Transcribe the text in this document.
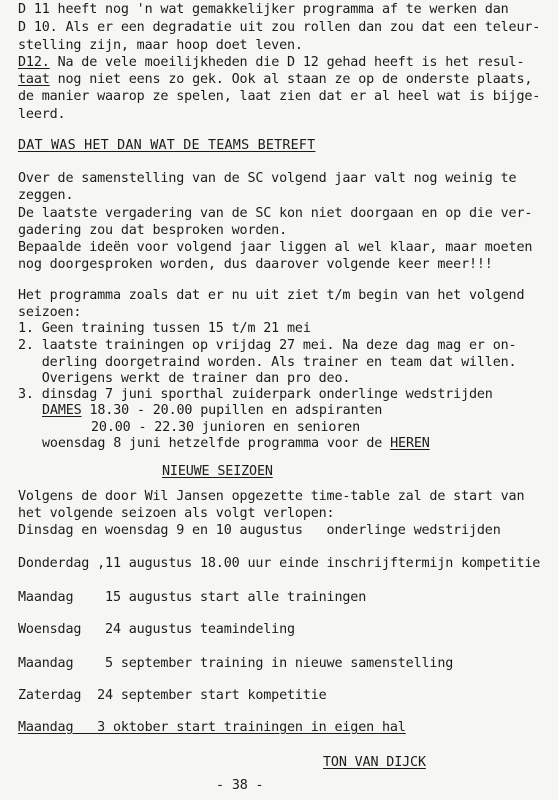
D 11 heeft nog 'n wat gemakkelijker programma af te werken dan
D 10. Als er een degradatie uit zou rollen dan zou dat een teleur-
stelling zijn, maar hoop doet leven.
D12. Na de vele moeilijkheden die D 12 gehad heeft is het resul-
taat nog niet eens zo gek. Ook al staan ze op de onderste plaats,
de manier waarop ze spelen, laat zien dat er al heel wat is bijge-
leerd.
DAT WAS HET DAN WAT DE TEAMS BETREFT
Over de samenstelling van de SC volgend jaar valt nog weinig te
zeggen.
De laatste vergadering van de SC kon niet doorgaan en op die ver-
gadering zou dat besproken worden.
Bepaalde ideën voor volgend jaar liggen al wel klaar, maar moeten
nog doorgesproken worden, dus daarover volgende keer meer!!!
Het programma zoals dat er nu uit ziet t/m begin van het volgend
seizoen:
1. Geen training tussen 15 t/m 21 mei
2. laatste trainingen op vrijdag 27 mei. Na deze dag mag er on-
derling doorgetraind worden. Als trainer en team dat willen.
Overigens werkt de trainer dan pro deo.
3. dinsdag 7 juni sporthal zuiderpark onderlinge wedstrijden
DAMES 18.30 - 20.00 pupillen en adspiranten
20.00 - 22.30 junioren en senioren
woensdag 8 juni hetzelfde programma voor de HEREN
NIEUWE SEIZOEN
Volgens de door Wil Jansen opgezette time-table zal de start van
het volgende seizoen als volgt verlopen:
Dinsdag en woensdag 9 en 10 augustus   onderlinge wedstrijden
Donderdag ,11 augustus 18.00 uur einde inschrijftermijn kompetitie
Maandag    15 augustus start alle trainingen
Woensdag   24 augustus teamindeling
Maandag    5 september training in nieuwe samenstelling
Zaterdag  24 september start kompetitie
Maandag   3 oktober start trainingen in eigen hal
TON VAN DIJCK
- 38 -
